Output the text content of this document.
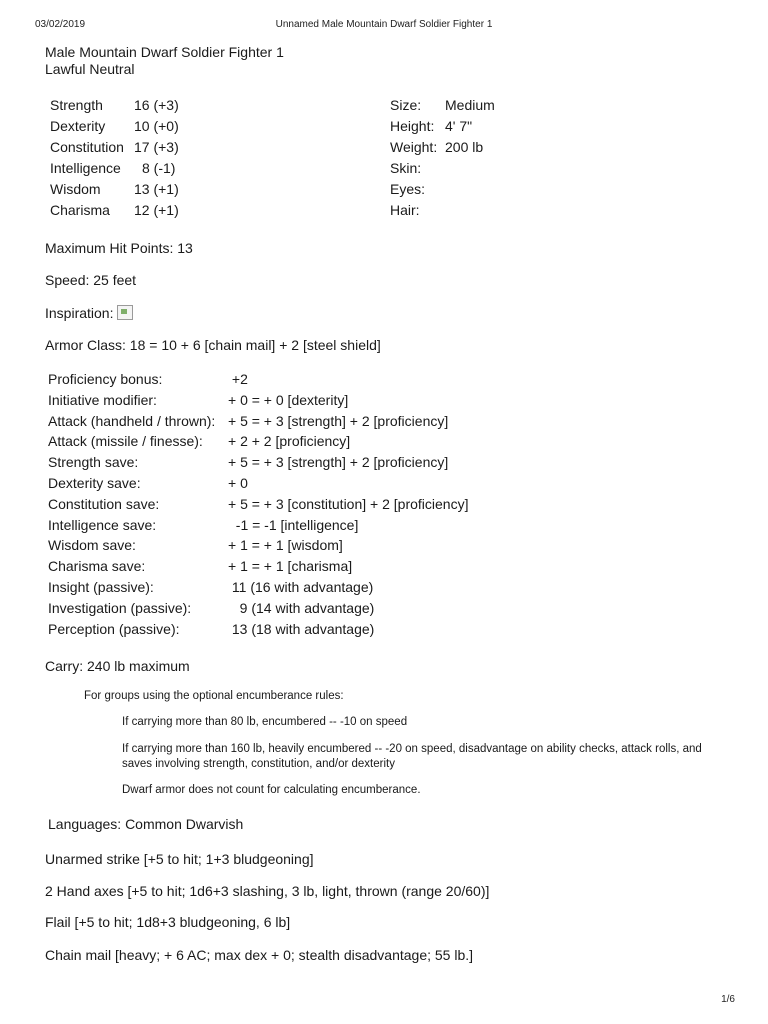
03/02/2019	Unnamed Male Mountain Dwarf Soldier Fighter 1
Male Mountain Dwarf Soldier Fighter 1
Lawful Neutral
Strength 16 (+3)
Dexterity 10 (+0)
Constitution 17 (+3)
Intelligence 8 (-1)
Wisdom 13 (+1)
Charisma 12 (+1)
Size: Medium
Height: 4' 7"
Weight: 200 lb
Skin:
Eyes:
Hair:
Maximum Hit Points: 13
Speed: 25 feet
Inspiration:
Armor Class: 18 = 10 + 6 [chain mail] + 2 [steel shield]
Proficiency bonus:	+2
Initiative modifier:	+ 0 = + 0 [dexterity]
Attack (handheld / thrown): + 5 = + 3 [strength] + 2 [proficiency]
Attack (missile / finesse): + 2 + 2 [proficiency]
Strength save:	+ 5 = + 3 [strength] + 2 [proficiency]
Dexterity save:	+ 0
Constitution save:	+ 5 = + 3 [constitution] + 2 [proficiency]
Intelligence save:	-1 = -1 [intelligence]
Wisdom save:	+ 1 = + 1 [wisdom]
Charisma save:	+ 1 = + 1 [charisma]
Insight (passive):	11 (16 with advantage)
Investigation (passive):	9 (14 with advantage)
Perception (passive):	13 (18 with advantage)
Carry: 240 lb maximum
For groups using the optional encumberance rules:
If carrying more than 80 lb, encumbered -- -10 on speed
If carrying more than 160 lb, heavily encumbered -- -20 on speed, disadvantage on ability checks, attack rolls, and saves involving strength, constitution, and/or dexterity
Dwarf armor does not count for calculating encumberance.
Languages: Common Dwarvish
Unarmed strike [+5 to hit; 1+3 bludgeoning]
2 Hand axes [+5 to hit; 1d6+3 slashing, 3 lb, light, thrown (range 20/60)]
Flail [+5 to hit; 1d8+3 bludgeoning, 6 lb]
Chain mail [heavy; + 6 AC; max dex + 0; stealth disadvantage; 55 lb.]
1/6
